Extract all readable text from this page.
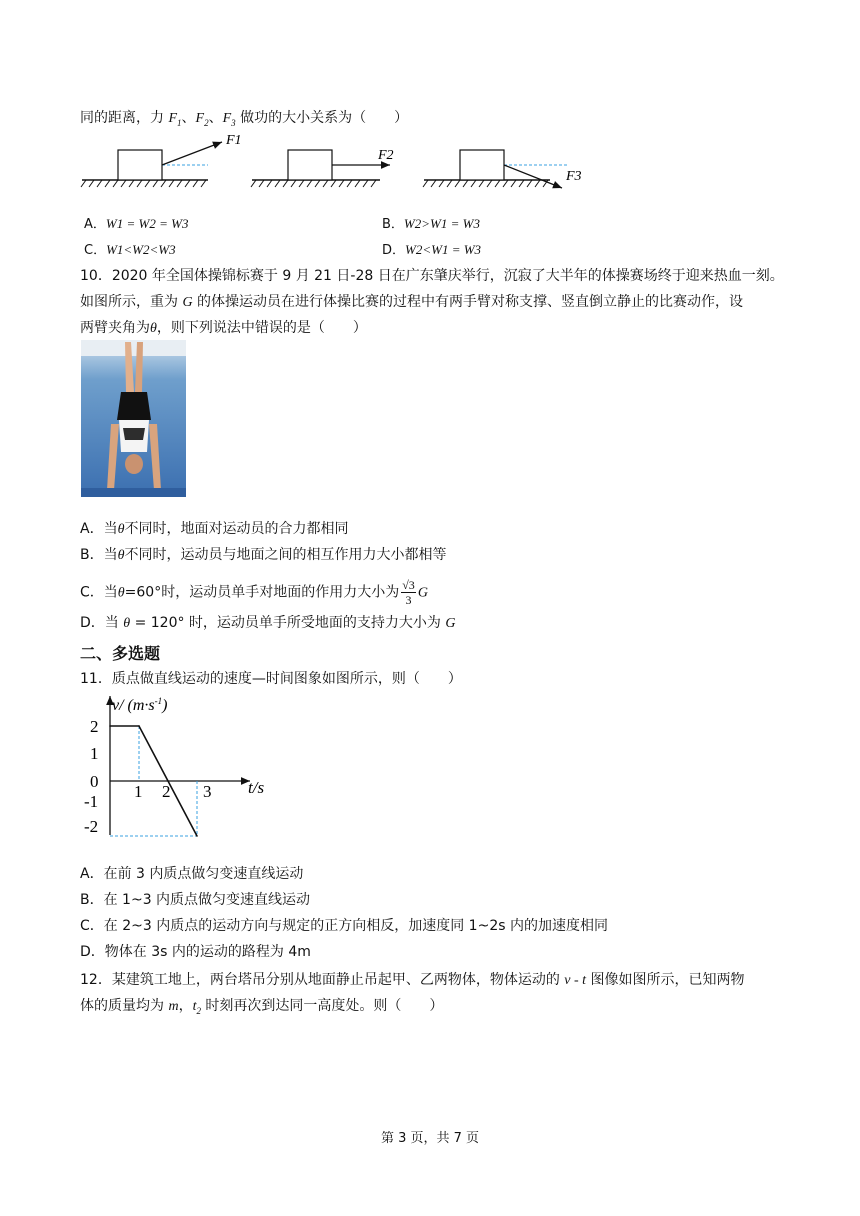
同的距离，力 $F_1$、$F_2$、$F_3$ 做功的大小关系为（　　）
F1
F2
F3
A．W1 = W2 = W3	B．W2>W1 = W3
C．W1<W2<W3	D．W2<W1 = W3
10．2020 年全国体操锦标赛于 9 月 21 日-28 日在广东肇庆举行，沉寂了大半年的体操赛场终于迎来热血一刻。
如图所示，重为 G 的体操运动员在进行体操比赛的过程中有两手臂对称支撑、竖直倒立静止的比赛动作，设
两臂夹角为θ，则下列说法中错误的是（　　）
A．当θ不同时，地面对运动员的合力都相同
B．当θ不同时，运动员与地面之间的相互作用力大小都相等
C．当θ=60°时，运动员单手对地面的作用力大小为 $\frac{√3}{3}$ G
D．当 θ = 120° 时，运动员单手所受地面的支持力大小为 G
二、多选题
11．质点做直线运动的速度—时间图象如图所示，则（　　）
v/ $(m\cdot s^{-1})$
t/s
2
1
0
-1
-2
1 2 3
A．在前 3 内质点做匀变速直线运动
B．在 1~3 内质点做匀变速直线运动
C．在 2~3 内质点的运动方向与规定的正方向相反，加速度同 1~2s 内的加速度相同
D．物体在 3s 内的运动的路程为 4m
12．某建筑工地上，两台塔吊分别从地面静止吊起甲、乙两物体，物体运动的 v - t 图像如图所示，已知两物
体的质量均为 m，$t_2$ 时刻再次到达同一高度处。则（　　）
第 3 页，共 7 页
